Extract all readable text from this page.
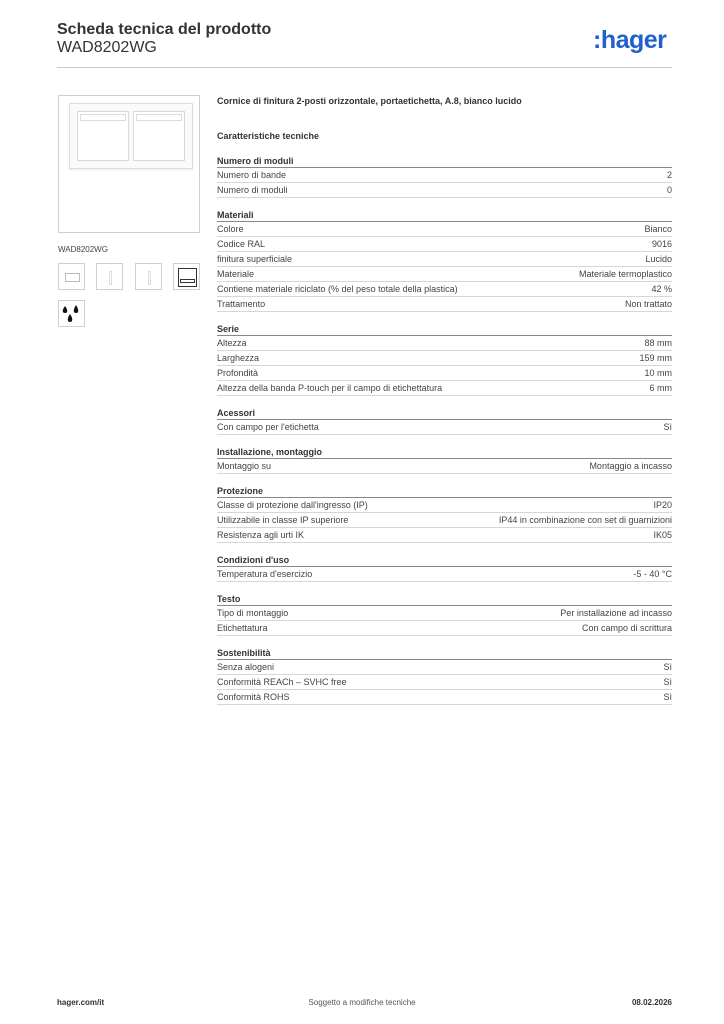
Scheda tecnica del prodotto
WAD8202WG	:hager
WAD8202WG
Cornice di finitura 2-posti orizzontale, portaetichetta, A.8, bianco lucido
Caratteristiche tecniche
Numero di moduli
Numero di bande	2
Numero di moduli	0
Materiali
Colore	Bianco
Codice RAL	9016
finitura superficiale	Lucido
Materiale	Materiale termoplastico
Contiene materiale riciclato (% del peso totale della plastica)	42 %
Trattamento	Non trattato
Serie
Altezza	88 mm
Larghezza	159 mm
Profondità	10 mm
Altezza della banda P-touch per il campo di etichettatura	6 mm
Acessori
Con campo per l'etichetta	Sì
Installazione, montaggio
Montaggio su	Montaggio a incasso
Protezione
Classe di protezione dall'ingresso (IP)	IP20
Utilizzabile in classe IP superiore	IP44 in combinazione con set di guarnizioni
Resistenza agli urti IK	IK05
Condizioni d'uso
Temperatura d'esercizio	-5 - 40 °C
Testo
Tipo di montaggio	Per installazione ad incasso
Etichettatura	Con campo di scrittura
Sostenibilità
Senza alogeni	Sì
Conformità REACh – SVHC free	Sì
Conformità ROHS	Sì
hager.com/it	Soggetto a modifiche tecniche	08.02.2026
